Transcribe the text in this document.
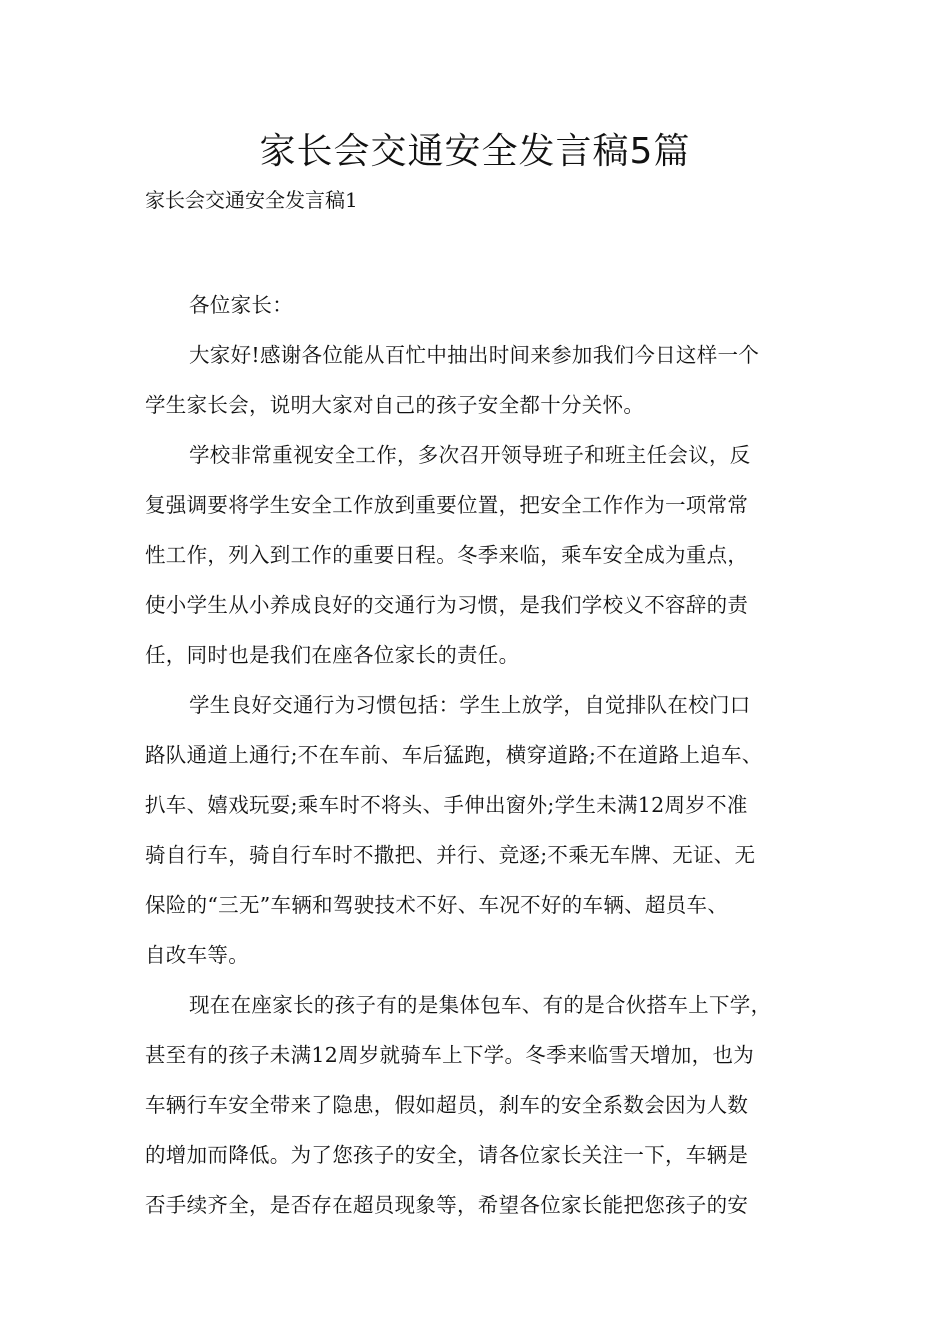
家长会交通安全发言稿5篇

家长会交通安全发言稿1

各位家长：
大家好!感谢各位能从百忙中抽出时间来参加我们今日这样一个
学生家长会，说明大家对自己的孩子安全都十分关怀。
学校非常重视安全工作，多次召开领导班子和班主任会议，反
复强调要将学生安全工作放到重要位置，把安全工作作为一项常常
性工作，列入到工作的重要日程。冬季来临，乘车安全成为重点，
使小学生从小养成良好的交通行为习惯，是我们学校义不容辞的责
任，同时也是我们在座各位家长的责任。
学生良好交通行为习惯包括：学生上放学，自觉排队在校门口
路队通道上通行;不在车前、车后猛跑，横穿道路;不在道路上追车、
扒车、嬉戏玩耍;乘车时不将头、手伸出窗外;学生未满12周岁不准
骑自行车，骑自行车时不撒把、并行、竞逐;不乘无车牌、无证、无
保险的“三无”车辆和驾驶技术不好、车况不好的车辆、超员车、
自改车等。
现在在座家长的孩子有的是集体包车、有的是合伙搭车上下学，
甚至有的孩子未满12周岁就骑车上下学。冬季来临雪天增加，也为
车辆行车安全带来了隐患，假如超员，刹车的安全系数会因为人数
的增加而降低。为了您孩子的安全，请各位家长关注一下，车辆是
否手续齐全，是否存在超员现象等，希望各位家长能把您孩子的安
